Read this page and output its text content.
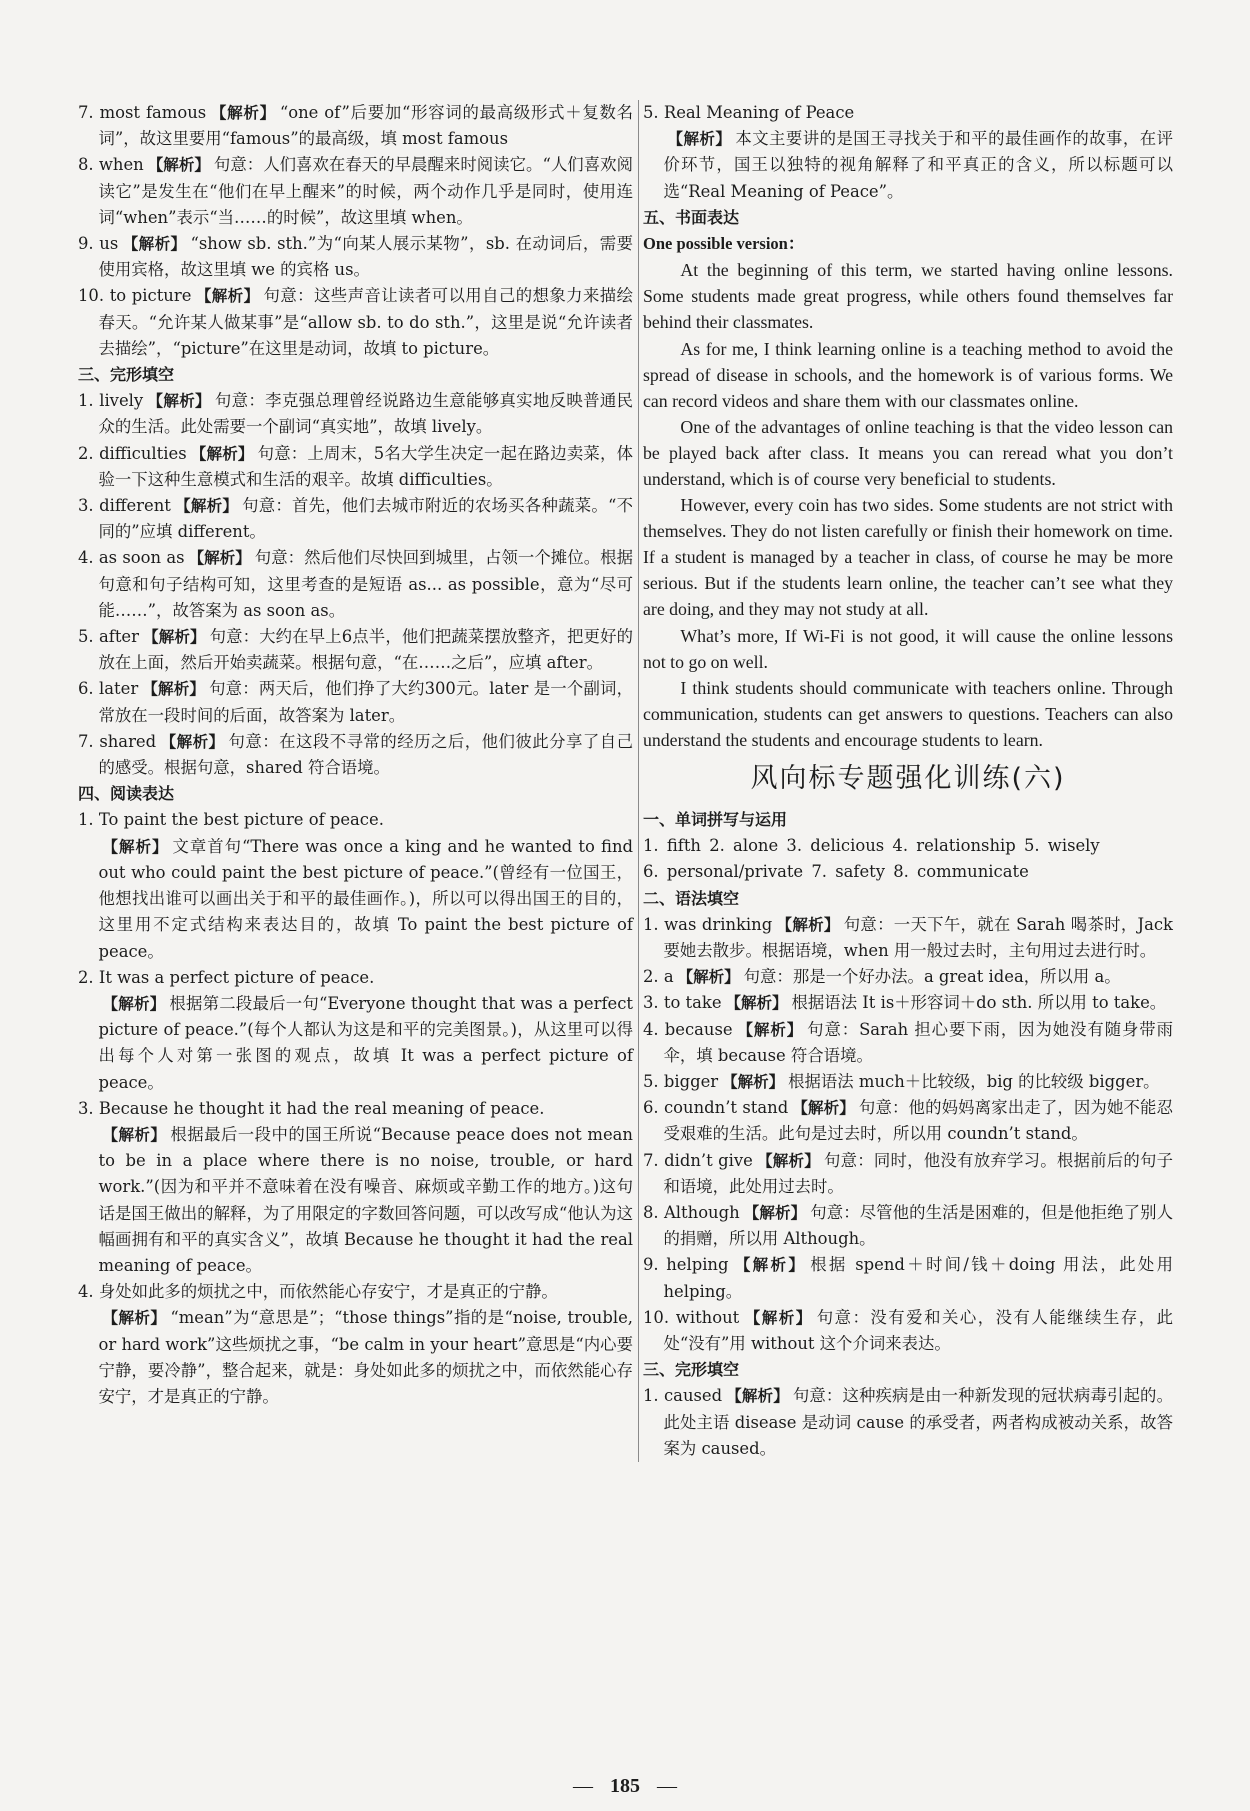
7. most famous 【解析】 “one of”后要加“形容词的最高级形式＋复数名词”，故这里要用“famous”的最高级，填 most famous

8. when 【解析】 句意：人们喜欢在春天的早晨醒来时阅读它。“人们喜欢阅读它”是发生在“他们在早上醒来”的时候，两个动作几乎是同时，使用连词“when”表示“当……的时候”，故这里填 when。

9. us 【解析】 “show sb. sth.”为“向某人展示某物”，sb. 在动词后，需要使用宾格，故这里填 we 的宾格 us。

10. to picture 【解析】 句意：这些声音让读者可以用自己的想象力来描绘春天。“允许某人做某事”是“allow sb. to do sth.”，这里是说“允许读者去描绘”，“picture”在这里是动词，故填 to picture。

三、完形填空

1. lively 【解析】 句意：李克强总理曾经说路边生意能够真实地反映普通民众的生活。此处需要一个副词“真实地”，故填 lively。

2. difficulties 【解析】 句意：上周末，5名大学生决定一起在路边卖菜，体验一下这种生意模式和生活的艰辛。故填 difficulties。

3. different 【解析】 句意：首先，他们去城市附近的农场买各种蔬菜。“不同的”应填 different。

4. as soon as 【解析】 句意：然后他们尽快回到城里，占领一个摊位。根据句意和句子结构可知，这里考查的是短语 as... as possible，意为“尽可能……”，故答案为 as soon as。

5. after 【解析】 句意：大约在早上6点半，他们把蔬菜摆放整齐，把更好的放在上面，然后开始卖蔬菜。根据句意，“在……之后”，应填 after。

6. later 【解析】 句意：两天后，他们挣了大约300元。later 是一个副词，常放在一段时间的后面，故答案为 later。

7. shared 【解析】 句意：在这段不寻常的经历之后，他们彼此分享了自己的感受。根据句意，shared 符合语境。

四、阅读表达

1. To paint the best picture of peace.

【解析】 文章首句“There was once a king and he wanted to find out who could paint the best picture of peace.”(曾经有一位国王，他想找出谁可以画出关于和平的最佳画作。)，所以可以得出国王的目的，这里用不定式结构来表达目的，故填 To paint the best picture of peace。

2. It was a perfect picture of peace.

【解析】 根据第二段最后一句“Everyone thought that was a perfect picture of peace.”(每个人都认为这是和平的完美图景。)，从这里可以得出每个人对第一张图的观点，故填 It was a perfect picture of peace。

3. Because he thought it had the real meaning of peace.

【解析】 根据最后一段中的国王所说“Because peace does not mean to be in a place where there is no noise, trouble, or hard work.”(因为和平并不意味着在没有噪音、麻烦或辛勤工作的地方。)这句话是国王做出的解释，为了用限定的字数回答问题，可以改写成“他认为这幅画拥有和平的真实含义”，故填 Because he thought it had the real meaning of peace。

4. 身处如此多的烦扰之中，而依然能心存安宁，才是真正的宁静。

【解析】 “mean”为“意思是”；“those things”指的是“noise, trouble, or hard work”这些烦扰之事，“be calm in your heart”意思是“内心要宁静，要冷静”，整合起来，就是：身处如此多的烦扰之中，而依然能心存安宁，才是真正的宁静。

5. Real Meaning of Peace

【解析】 本文主要讲的是国王寻找关于和平的最佳画作的故事，在评价环节，国王以独特的视角解释了和平真正的含义，所以标题可以选“Real Meaning of Peace”。

五、书面表达

One possible version：

At the beginning of this term, we started having online lessons. Some students made great progress, while others found themselves far behind their classmates.

As for me, I think learning online is a teaching method to avoid the spread of disease in schools, and the homework is of various forms. We can record videos and share them with our classmates online.

One of the advantages of online teaching is that the video lesson can be played back after class. It means you can reread what you don’t understand, which is of course very beneficial to students.

However, every coin has two sides. Some students are not strict with themselves. They do not listen carefully or finish their homework on time. If a student is managed by a teacher in class, of course he may be more serious. But if the students learn online, the teacher can’t see what they are doing, and they may not study at all.

What’s more, If Wi-Fi is not good, it will cause the online lessons not to go on well.

I think students should communicate with teachers online. Through communication, students can get answers to questions. Teachers can also understand the students and encourage students to learn.

风向标专题强化训练(六)

一、单词拼写与运用

1. fifth 2. alone 3. delicious 4. relationship 5. wisely

6. personal/private 7. safety 8. communicate

二、语法填空

1. was drinking 【解析】 句意：一天下午，就在 Sarah 喝茶时，Jack 要她去散步。根据语境，when 用一般过去时，主句用过去进行时。

2. a 【解析】 句意：那是一个好办法。a great idea，所以用 a。

3. to take 【解析】 根据语法 It is＋形容词＋do sth. 所以用 to take。

4. because 【解析】 句意：Sarah 担心要下雨，因为她没有随身带雨伞，填 because 符合语境。

5. bigger 【解析】 根据语法 much＋比较级，big 的比较级 bigger。

6. coundn’t stand 【解析】 句意：他的妈妈离家出走了，因为她不能忍受艰难的生活。此句是过去时，所以用 coundn’t stand。

7. didn’t give 【解析】 句意：同时，他没有放弃学习。根据前后的句子和语境，此处用过去时。

8. Although 【解析】 句意：尽管他的生活是困难的，但是他拒绝了别人的捐赠，所以用 Although。

9. helping 【解析】 根据 spend＋时间/钱＋doing 用法，此处用 helping。

10. without 【解析】 句意：没有爱和关心，没有人能继续生存，此处“没有”用 without 这个介词来表达。

三、完形填空

1. caused 【解析】 句意：这种疾病是由一种新发现的冠状病毒引起的。此处主语 disease 是动词 cause 的承受者，两者构成被动关系，故答案为 caused。

— 185 —
